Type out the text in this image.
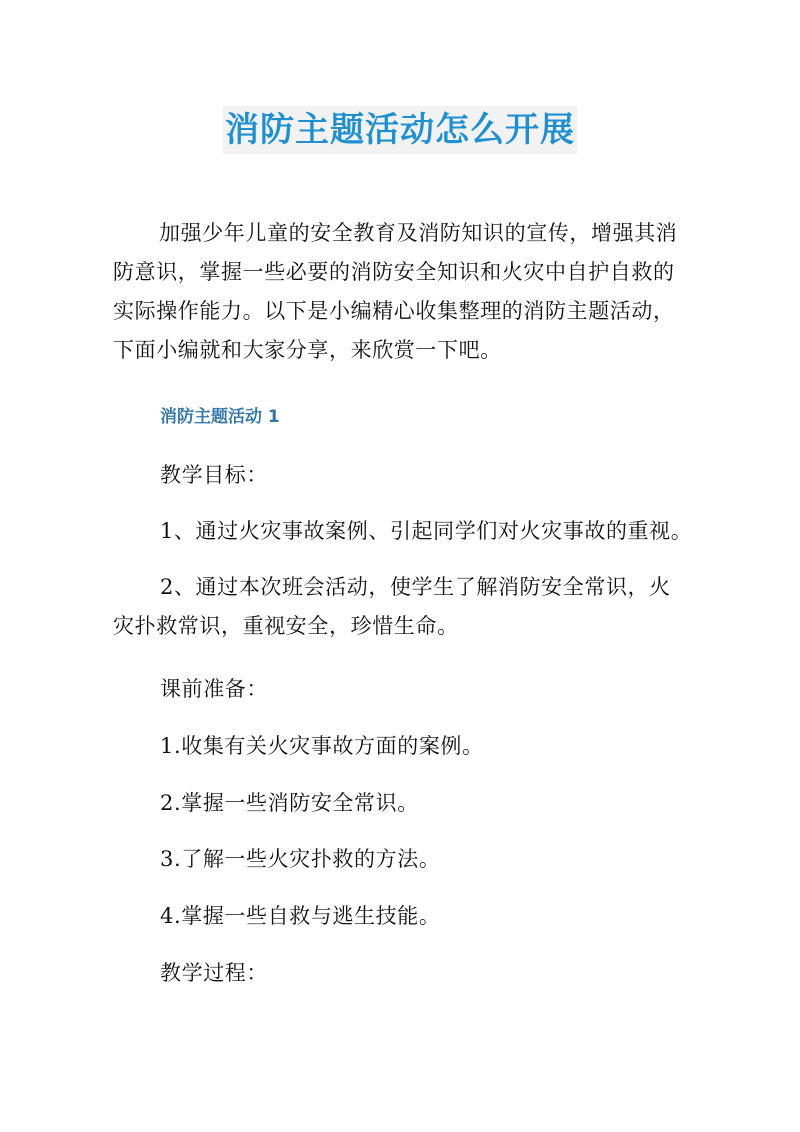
消防主题活动怎么开展

加强少年儿童的安全教育及消防知识的宣传，增强其消防意识，掌握一些必要的消防安全知识和火灾中自护自救的实际操作能力。以下是小编精心收集整理的消防主题活动，下面小编就和大家分享，来欣赏一下吧。

消防主题活动 1
教学目标：
1、通过火灾事故案例、引起同学们对火灾事故的重视。
2、通过本次班会活动，使学生了解消防安全常识，火灾扑救常识，重视安全，珍惜生命。
课前准备：
1.收集有关火灾事故方面的案例。
2.掌握一些消防安全常识。
3.了解一些火灾扑救的方法。
4.掌握一些自救与逃生技能。
教学过程：
